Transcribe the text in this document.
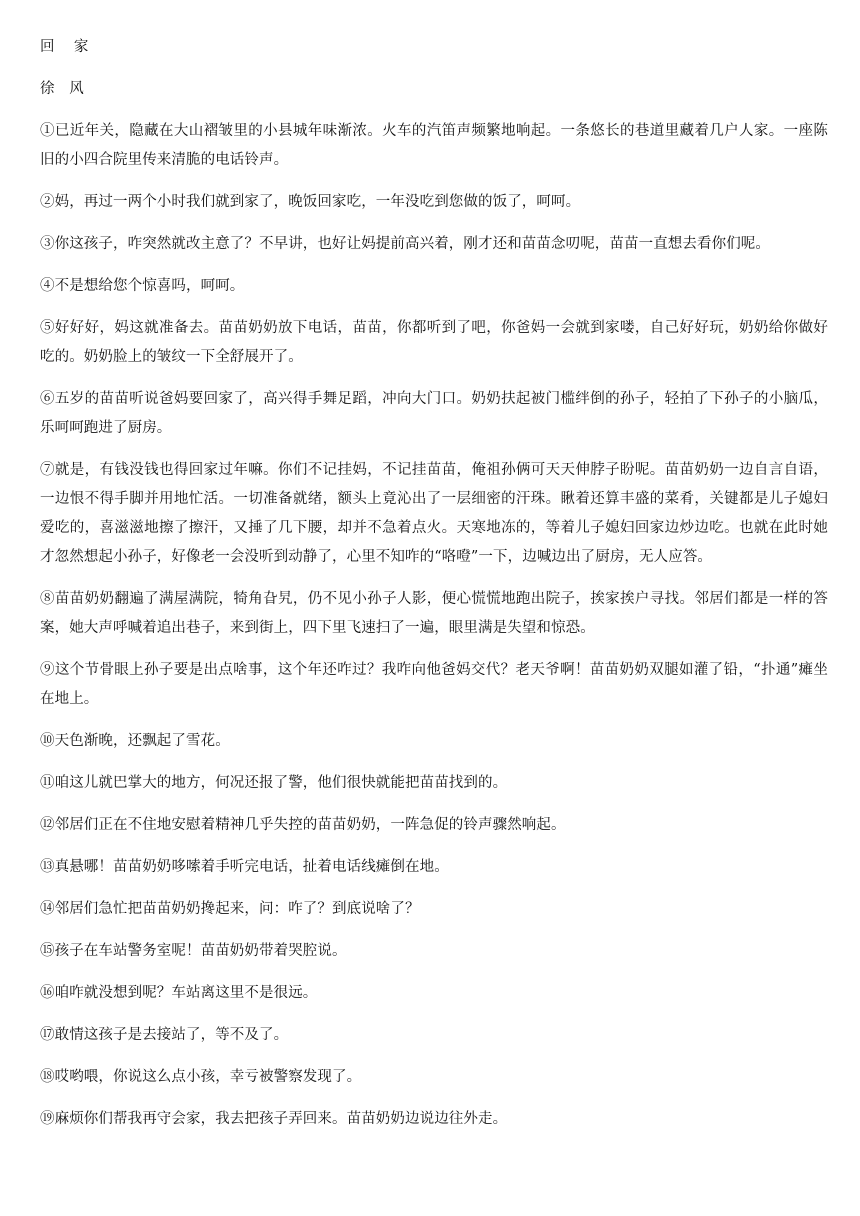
回　 家

徐　风

①已近年关，隐藏在大山褶皱里的小县城年味渐浓。火车的汽笛声频繁地响起。一条悠长的巷道里藏着几户人家。一座陈旧的小四合院里传来清脆的电话铃声。

②妈，再过一两个小时我们就到家了，晚饭回家吃，一年没吃到您做的饭了，呵呵。

③你这孩子，咋突然就改主意了？不早讲，也好让妈提前高兴着，刚才还和苗苗念叨呢，苗苗一直想去看你们呢。

④不是想给您个惊喜吗，呵呵。

⑤好好好，妈这就准备去。苗苗奶奶放下电话，苗苗，你都听到了吧，你爸妈一会就到家喽，自己好好玩，奶奶给你做好吃的。奶奶脸上的皱纹一下全舒展开了。

⑥五岁的苗苗听说爸妈要回家了，高兴得手舞足蹈，冲向大门口。奶奶扶起被门槛绊倒的孙子，轻拍了下孙子的小脑瓜，乐呵呵跑进了厨房。

⑦就是，有钱没钱也得回家过年嘛。你们不记挂妈，不记挂苗苗，俺祖孙俩可天天伸脖子盼呢。苗苗奶奶一边自言自语，一边恨不得手脚并用地忙活。一切准备就绪，额头上竟沁出了一层细密的汗珠。瞅着还算丰盛的菜肴，关键都是儿子媳妇爱吃的，喜滋滋地擦了擦汗，又捶了几下腰，却并不急着点火。天寒地冻的，等着儿子媳妇回家边炒边吃。也就在此时她才忽然想起小孙子，好像老一会没听到动静了，心里不知咋的“咯噔”一下，边喊边出了厨房，无人应答。

⑧苗苗奶奶翻遍了满屋满院，犄角旮旯，仍不见小孙子人影，便心慌慌地跑出院子，挨家挨户寻找。邻居们都是一样的答案，她大声呼喊着追出巷子，来到街上，四下里飞速扫了一遍，眼里满是失望和惊恐。

⑨这个节骨眼上孙子要是出点啥事，这个年还咋过？我咋向他爸妈交代？老天爷啊！苗苗奶奶双腿如灌了铅，“扑通”瘫坐在地上。

⑩天色渐晚，还飘起了雪花。

⑪咱这儿就巴掌大的地方，何况还报了警，他们很快就能把苗苗找到的。

⑫邻居们正在不住地安慰着精神几乎失控的苗苗奶奶，一阵急促的铃声骤然响起。

⑬真悬哪！苗苗奶奶哆嗦着手听完电话，扯着电话线瘫倒在地。

⑭邻居们急忙把苗苗奶奶搀起来，问：咋了？到底说啥了？

⑮孩子在车站警务室呢！苗苗奶奶带着哭腔说。

⑯咱咋就没想到呢？车站离这里不是很远。

⑰敢情这孩子是去接站了，等不及了。

⑱哎哟喂，你说这么点小孩，幸亏被警察发现了。

⑲麻烦你们帮我再守会家，我去把孩子弄回来。苗苗奶奶边说边往外走。
